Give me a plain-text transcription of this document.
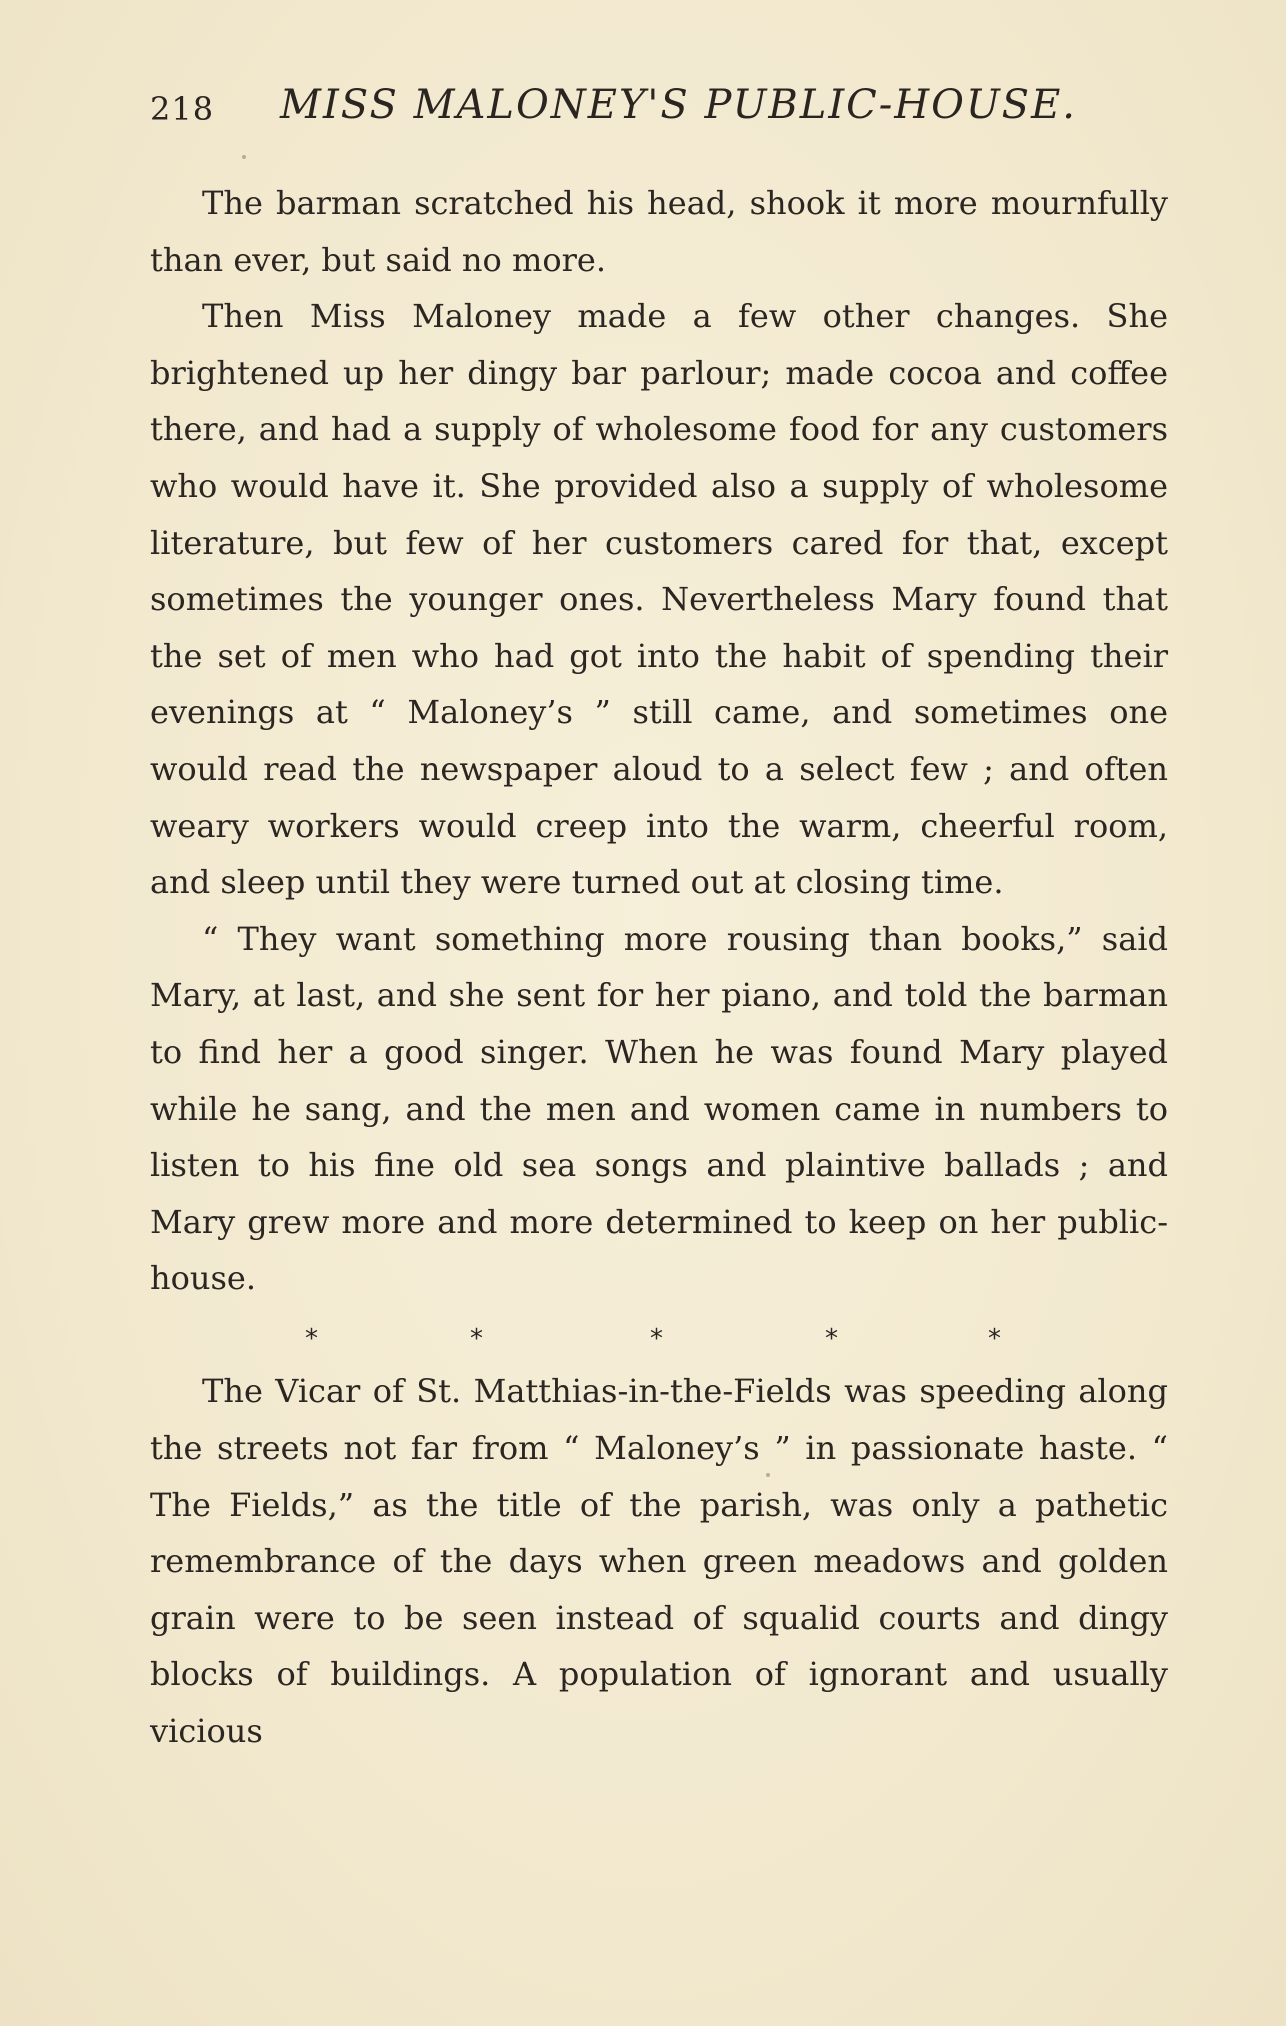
218 MISS MALONEY'S PUBLIC-HOUSE.

The barman scratched his head, shook it more mournfully than ever, but said no more.

Then Miss Maloney made a few other changes. She brightened up her dingy bar parlour; made cocoa and coffee there, and had a supply of wholesome food for any customers who would have it. She provided also a supply of wholesome literature, but few of her customers cared for that, except sometimes the younger ones. Nevertheless Mary found that the set of men who had got into the habit of spending their evenings at “ Maloney’s ” still came, and sometimes one would read the newspaper aloud to a select few ; and often weary workers would creep into the warm, cheerful room, and sleep until they were turned out at closing time.

“ They want something more rousing than books,” said Mary, at last, and she sent for her piano, and told the barman to find her a good singer. When he was found Mary played while he sang, and the men and women came in numbers to listen to his fine old sea songs and plaintive ballads ; and Mary grew more and more determined to keep on her public-house.

*	*	*	*	*

The Vicar of St. Matthias-in-the-Fields was speeding along the streets not far from “ Maloney’s ” in passionate haste. “ The Fields,” as the title of the parish, was only a pathetic remembrance of the days when green meadows and golden grain were to be seen instead of squalid courts and dingy blocks of buildings. A population of ignorant and usually vicious
